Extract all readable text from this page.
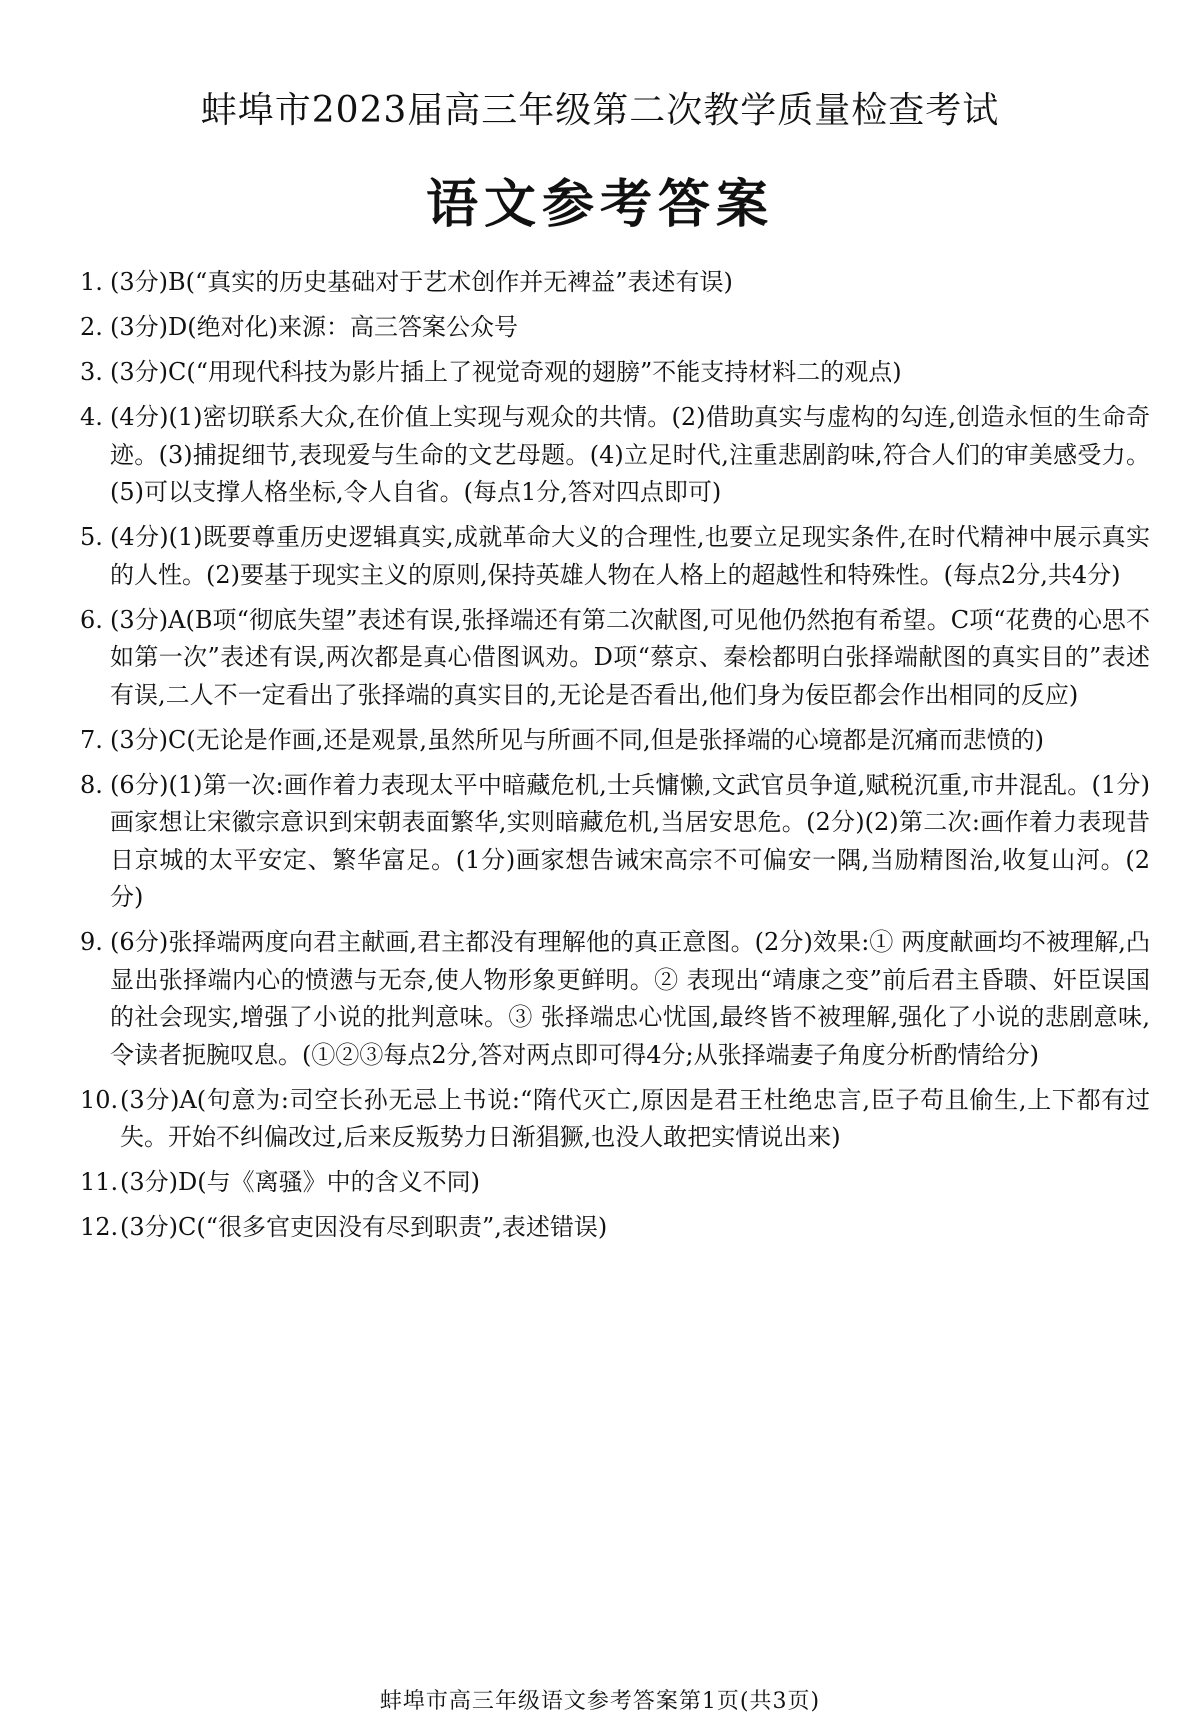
蚌埠市2023届高三年级第二次教学质量检查考试
语文参考答案
1. (3分)B(“真实的历史基础对于艺术创作并无裨益”表述有误)
2. (3分)D(绝对化)来源：高三答案公众号
3. (3分)C(“用现代科技为影片插上了视觉奇观的翅膀”不能支持材料二的观点)
4. (4分)(1)密切联系大众,在价值上实现与观众的共情。(2)借助真实与虚构的勾连,创造永恒的生命奇迹。(3)捕捉细节,表现爱与生命的文艺母题。(4)立足时代,注重悲剧韵味,符合人们的审美感受力。(5)可以支撑人格坐标,令人自省。(每点1分,答对四点即可)
5. (4分)(1)既要尊重历史逻辑真实,成就革命大义的合理性,也要立足现实条件,在时代精神中展示真实的人性。(2)要基于现实主义的原则,保持英雄人物在人格上的超越性和特殊性。(每点2分,共4分)
6. (3分)A(B项“彻底失望”表述有误,张择端还有第二次献图,可见他仍然抱有希望。C项“花费的心思不如第一次”表述有误,两次都是真心借图讽劝。D项“蔡京、秦桧都明白张择端献图的真实目的”表述有误,二人不一定看出了张择端的真实目的,无论是否看出,他们身为佞臣都会作出相同的反应)
7. (3分)C(无论是作画,还是观景,虽然所见与所画不同,但是张择端的心境都是沉痛而悲愤的)
8. (6分)(1)第一次:画作着力表现太平中暗藏危机,士兵慵懒,文武官员争道,赋税沉重,市井混乱。(1分)画家想让宋徽宗意识到宋朝表面繁华,实则暗藏危机,当居安思危。(2分)(2)第二次:画作着力表现昔日京城的太平安定、繁华富足。(1分)画家想告诫宋高宗不可偏安一隅,当励精图治,收复山河。(2分)
9. (6分)张择端两度向君主献画,君主都没有理解他的真正意图。(2分)效果:① 两度献画均不被理解,凸显出张择端内心的愤懑与无奈,使人物形象更鲜明。② 表现出“靖康之变”前后君主昏聩、奸臣误国的社会现实,增强了小说的批判意味。③ 张择端忠心忧国,最终皆不被理解,强化了小说的悲剧意味,令读者扼腕叹息。(①②③每点2分,答对两点即可得4分;从张择端妻子角度分析酌情给分)
10. (3分)A(句意为:司空长孙无忌上书说:“隋代灭亡,原因是君王杜绝忠言,臣子苟且偷生,上下都有过失。开始不纠偏改过,后来反叛势力日渐猖獗,也没人敢把实情说出来)
11. (3分)D(与《离骚》中的含义不同)
12. (3分)C(“很多官吏因没有尽到职责”,表述错误)
蚌埠市高三年级语文参考答案第1页(共3页)
